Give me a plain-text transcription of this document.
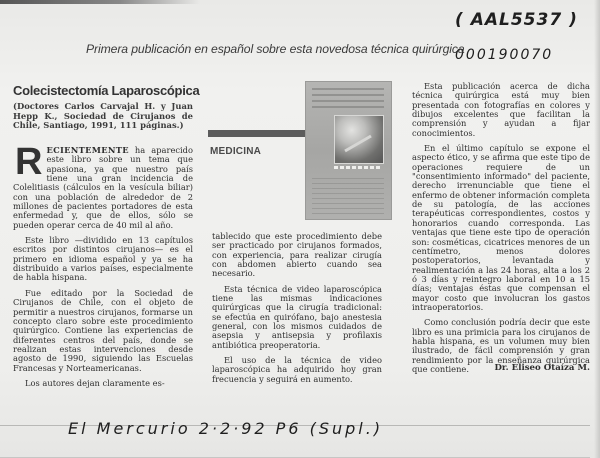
( AAL5537 )
000190070
Primera publicación en español sobre esta novedosa técnica quirúrgica
Colecistectomía Laparoscópica
(Doctores Carlos Carvajal H. y Juan Hepp K., Sociedad de Cirujanos de Chile, Santiago, 1991, 111 páginas.)

RECIENTEMENTE ha aparecido este libro sobre un tema que apasiona, ya que nuestro país tiene una gran incidencia de Colelitiasis (cálculos en la vesícula biliar) con una población de alrededor de 2 millones de pacientes portadores de esta enfermedad y, que de ellos, sólo se pueden operar cerca de 40 mil al año.

Este libro —dividido en 13 capítulos escritos por distintos cirujanos— es el primero en idioma español y ya se ha distribuido a varios países, especialmente de habla hispana.

Fue editado por la Sociedad de Cirujanos de Chile, con el objeto de permitir a nuestros cirujanos, formarse un concepto claro sobre este procedimiento quirúrgico. Contiene las experiencias de diferentes centros del país, donde se realizan estas intervenciones desde agosto de 1990, siguiendo las Escuelas Francesas y Norteamericanas.

Los autores dejan claramente es-

MEDICINA

tablecido que este procedimiento debe ser practicado por cirujanos formados, con experiencia, para realizar cirugía con abdomen abierto cuando sea necesario.

Esta técnica de video laparoscópica tiene las mismas indicaciones quirúrgicas que la cirugía tradicional: se efectúa en quirófano, bajo anestesia general, con los mismos cuidados de asepsia y antisepsia y profilaxis antibiótica preoperatoria.

El uso de la técnica de video laparoscópica ha adquirido hoy gran frecuencia y seguirá en aumento.

Esta publicación acerca de dicha técnica quirúrgica está muy bien presentada con fotografías en colores y dibujos excelentes que facilitan la comprensión y ayudan a fijar conocimientos.

En el último capítulo se expone el aspecto ético, y se afirma que este tipo de operaciones requiere de un "consentimiento informado" del paciente, derecho irrenunciable que tiene el enfermo de obtener información completa de su patología, de las acciones terapéuticas correspondientes, costos y honorarios cuando corresponda. Las ventajas que tiene este tipo de operación son: cosméticas, cicatrices menores de un centímetro, menos dolores postoperatorios, levantada y realimentación a las 24 horas, alta a los 2 ó 3 días y reintegro laboral en 10 a 15 días; ventajas éstas que compensan el mayor costo que involucran los gastos intraoperatorios.

Como conclusión podría decir que este libro es una primicia para los cirujanos de habla hispana, es un volumen muy bien ilustrado, de fácil comprensión y gran rendimiento por la enseñanza quirúrgica que contiene.	Dr. Eliseo Otaíza M.
El Mercurio 2·2·92 P6 (Supl.)
